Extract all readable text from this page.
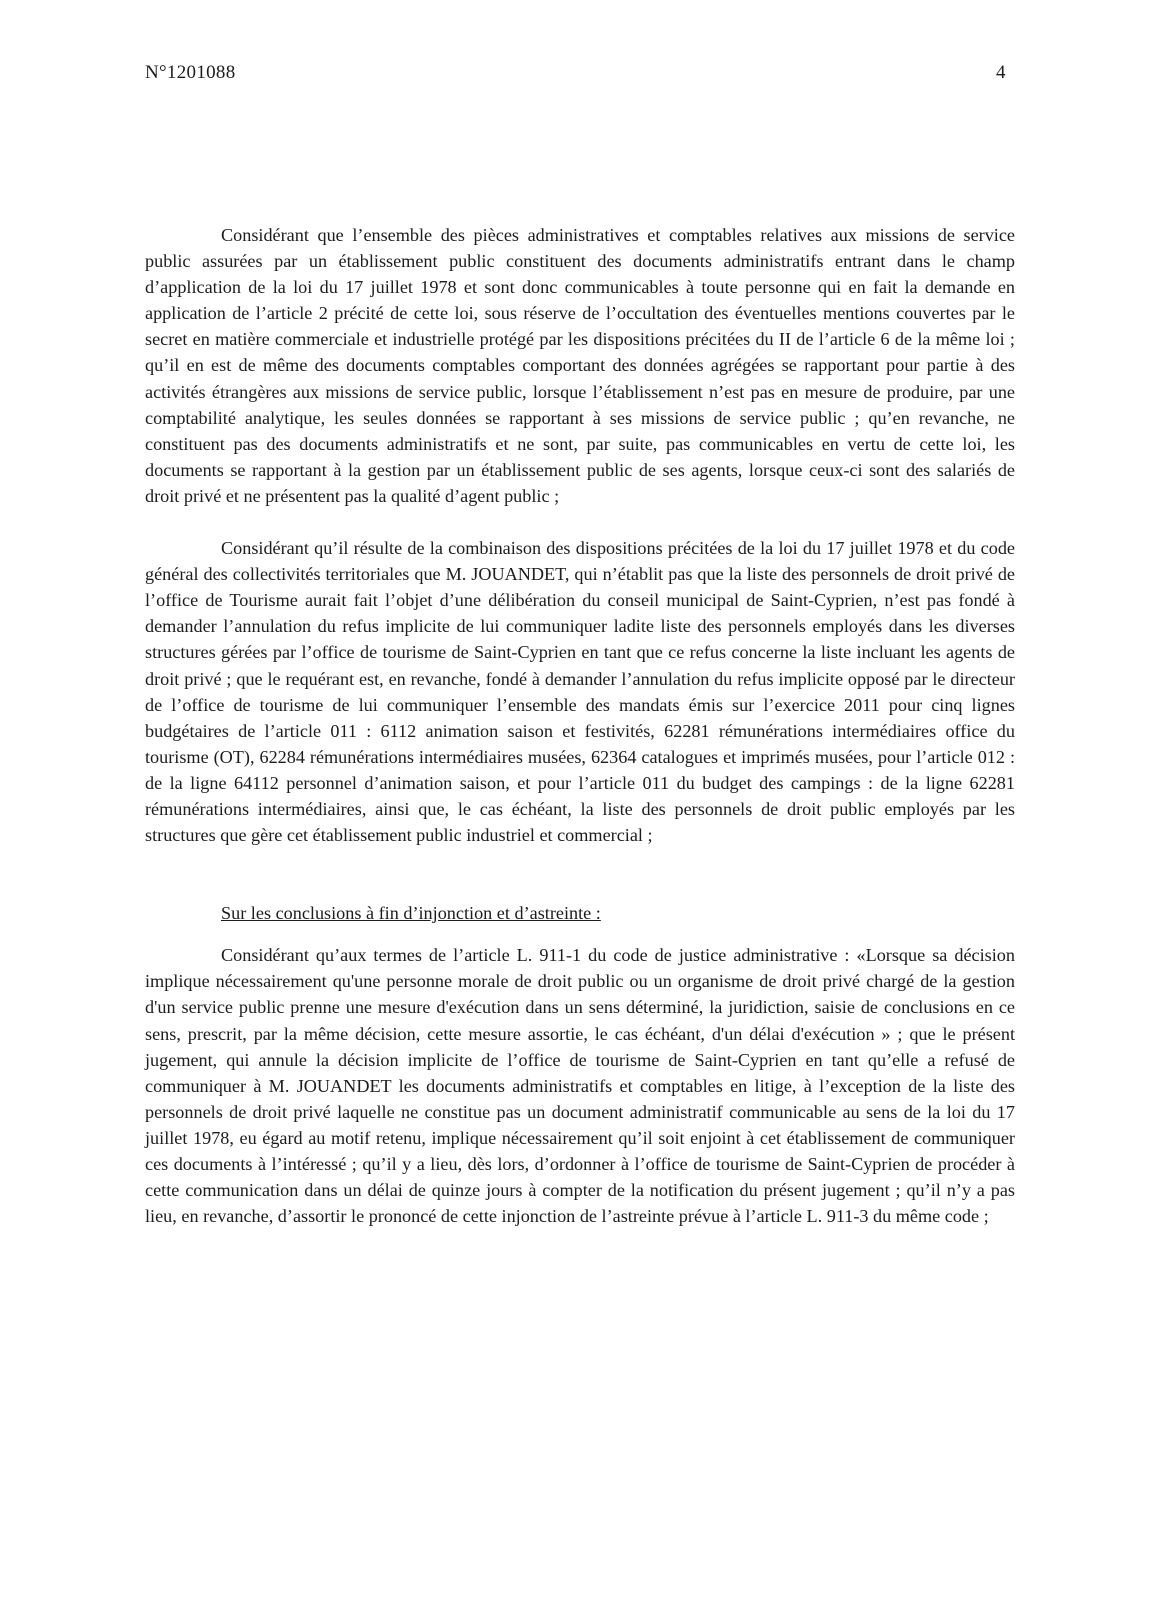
N°1201088	4

Considérant que l’ensemble des pièces administratives et comptables relatives aux missions de service public assurées par un établissement public constituent des documents administratifs entrant dans le champ d’application de la loi du 17 juillet 1978 et sont donc communicables à toute personne qui en fait la demande en application de l’article 2 précité de cette loi, sous réserve de l’occultation des éventuelles mentions couvertes par le secret en matière commerciale et industrielle protégé par les dispositions précitées du II de l’article 6 de la même loi ; qu’il en est de même des documents comptables comportant des données agrégées se rapportant pour partie à des activités étrangères aux missions de service public, lorsque l’établissement n’est pas en mesure de produire, par une comptabilité analytique, les seules données se rapportant à ses missions de service public ; qu’en revanche, ne constituent pas des documents administratifs et ne sont, par suite, pas communicables en vertu de cette loi, les documents se rapportant à la gestion par un établissement public de ses agents, lorsque ceux-ci sont des salariés de droit privé et ne présentent pas la qualité d’agent public ;

Considérant qu’il résulte de la combinaison des dispositions précitées de la loi du 17 juillet 1978 et du code général des collectivités territoriales que M. JOUANDET, qui n’établit pas que la liste des personnels de droit privé de l’office de Tourisme aurait fait l’objet d’une délibération du conseil municipal de Saint-Cyprien, n’est pas fondé à demander l’annulation du refus implicite de lui communiquer ladite liste des personnels employés dans les diverses structures gérées par l’office de tourisme de Saint-Cyprien en tant que ce refus concerne la liste incluant les agents de droit privé ; que le requérant est, en revanche, fondé à demander l’annulation du refus implicite opposé par le directeur de l’office de tourisme de lui communiquer l’ensemble des mandats émis sur l’exercice 2011 pour cinq lignes budgétaires de l’article 011 : 6112 animation saison et festivités, 62281 rémunérations intermédiaires office du tourisme (OT), 62284 rémunérations intermédiaires musées, 62364 catalogues et imprimés musées, pour l’article 012 : de la ligne 64112 personnel d’animation saison, et pour l’article 011 du budget des campings : de la ligne 62281 rémunérations intermédiaires, ainsi que, le cas échéant, la liste des personnels de droit public employés par les structures que gère cet établissement public industriel et commercial ;

Sur les conclusions à fin d’injonction et d’astreinte :

Considérant qu’aux termes de l’article L. 911-1 du code de justice administrative : «Lorsque sa décision implique nécessairement qu'une personne morale de droit public ou un organisme de droit privé chargé de la gestion d'un service public prenne une mesure d'exécution dans un sens déterminé, la juridiction, saisie de conclusions en ce sens, prescrit, par la même décision, cette mesure assortie, le cas échéant, d'un délai d'exécution » ; que le présent jugement, qui annule la décision implicite de l’office de tourisme de Saint-Cyprien en tant qu’elle a refusé de communiquer à M. JOUANDET les documents administratifs et comptables en litige, à l’exception de la liste des personnels de droit privé laquelle ne constitue pas un document administratif communicable au sens de la loi du 17 juillet 1978, eu égard au motif retenu, implique nécessairement qu’il soit enjoint à cet établissement de communiquer ces documents à l’intéressé ; qu’il y a lieu, dès lors, d’ordonner à l’office de tourisme de Saint-Cyprien de procéder à cette communication dans un délai de quinze jours à compter de la notification du présent jugement ; qu’il n’y a pas lieu, en revanche, d’assortir le prononcé de cette injonction de l’astreinte prévue à l’article L. 911-3 du même code ;
